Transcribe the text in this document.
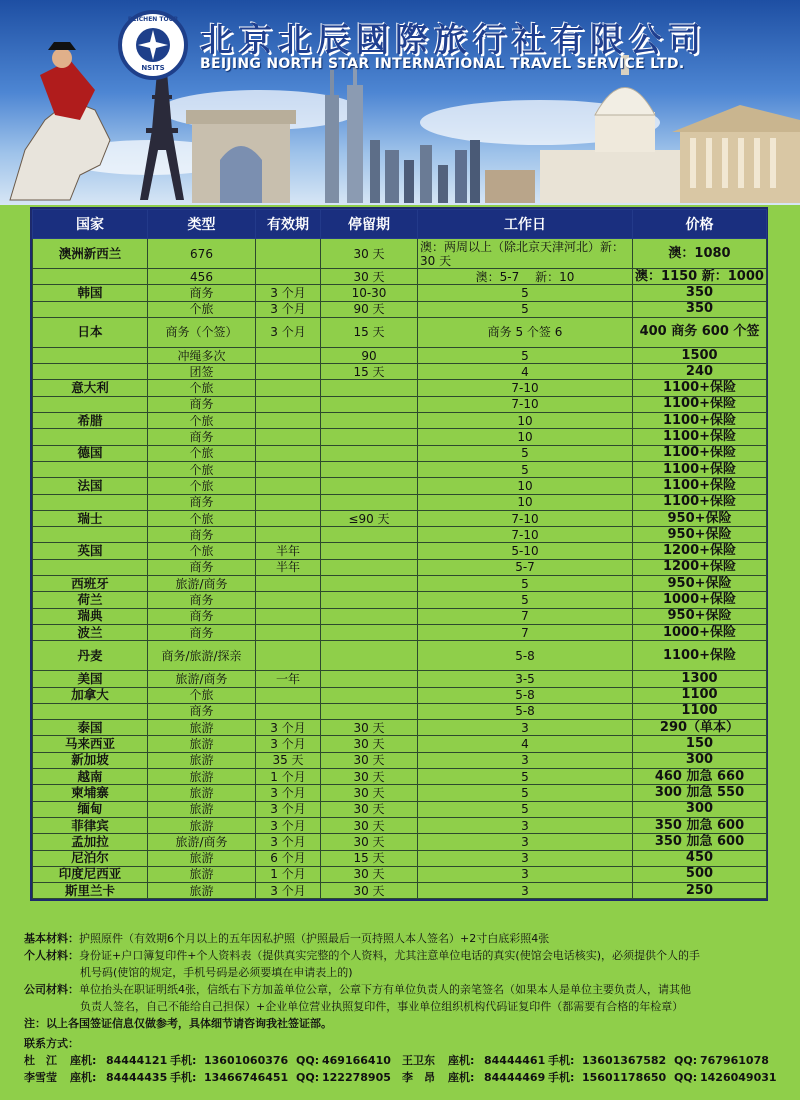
BEICHEN TOUR
NSITS
北京北辰國際旅行社有限公司
BEIJING NORTH STAR INTERNATIONAL TRAVEL SERVICE LTD.
国家	类型	有效期	停留期	工作日	价格
澳洲新西兰	676		30 天	澳：两周以上（除北京天津河北）新：30 天	澳：1080
	456		30 天	澳：5-7　 新：10	澳：1150 新：1000
韩国	商务	3 个月	10-30	5	350
	个旅	3 个月	90 天	5	350
日本	商务（个签）	3 个月	15 天	商务 5 个签 6	400 商务 600 个签
	冲绳多次		90	5	1500
	团签		15 天	4	240
意大利	个旅			7-10	1100+保险
	商务			7-10	1100+保险
希腊	个旅			10	1100+保险
	商务			10	1100+保险
德国	个旅			5	1100+保险
	个旅			5	1100+保险
法国	个旅			10	1100+保险
	商务			10	1100+保险
瑞士	个旅		≤90 天	7-10	950+保险
	商务			7-10	950+保险
英国	个旅	半年		5-10	1200+保险
	商务	半年		5-7	1200+保险
西班牙	旅游/商务			5	950+保险
荷兰	商务			5	1000+保险
瑞典	商务			7	950+保险
波兰	商务			7	1000+保险
丹麦	商务/旅游/探亲			5-8	1100+保险
美国	旅游/商务	一年		3-5	1300
加拿大	个旅			5-8	1100
	商务			5-8	1100
泰国	旅游	3 个月	30 天	3	290（单本）
马来西亚	旅游	3 个月	30 天	4	150
新加坡	旅游	35 天	30 天	3	300
越南	旅游	1 个月	30 天	5	460 加急 660
柬埔寨	旅游	3 个月	30 天	5	300 加急 550
缅甸	旅游	3 个月	30 天	5	300
菲律宾	旅游	3 个月	30 天	3	350 加急 600
孟加拉	旅游/商务	3 个月	30 天	3	350 加急 600
尼泊尔	旅游	6 个月	15 天	3	450
印度尼西亚	旅游	1 个月	30 天	3	500
斯里兰卡	旅游	3 个月	30 天	3	250

基本材料：护照原件（有效期6个月以上的五年因私护照（护照最后一页持照人本人签名）+2寸白底彩照4张

个人材料：身份证+户口簿复印件+个人资料表（提供真实完整的个人资料，尤其注意单位电话的真实(使馆会电话核实)，必须提供个人的手

机号码(使馆的规定，手机号码是必须要填在申请表上的)

公司材料：单位抬头在职证明纸4张，信纸右下方加盖单位公章，公章下方有单位负责人的亲笔签名（如果本人是单位主要负责人，请其他

负责人签名，自己不能给自己担保）+企业单位营业执照复印件，事业单位组织机构代码证复印件（都需要有合格的年检章）

注：以上各国签证信息仅做参考，具体细节请咨询我社签证部。

联系方式：
杜　江	座机: 84444121 手机: 13601060376 QQ: 469166410	王卫东	座机: 84444461 手机: 13601367582 QQ: 767961078
李雪莹	座机: 84444435 手机: 13466746451 QQ: 122278905	李　昂	座机: 84444469 手机: 15601178650 QQ: 1426049031
